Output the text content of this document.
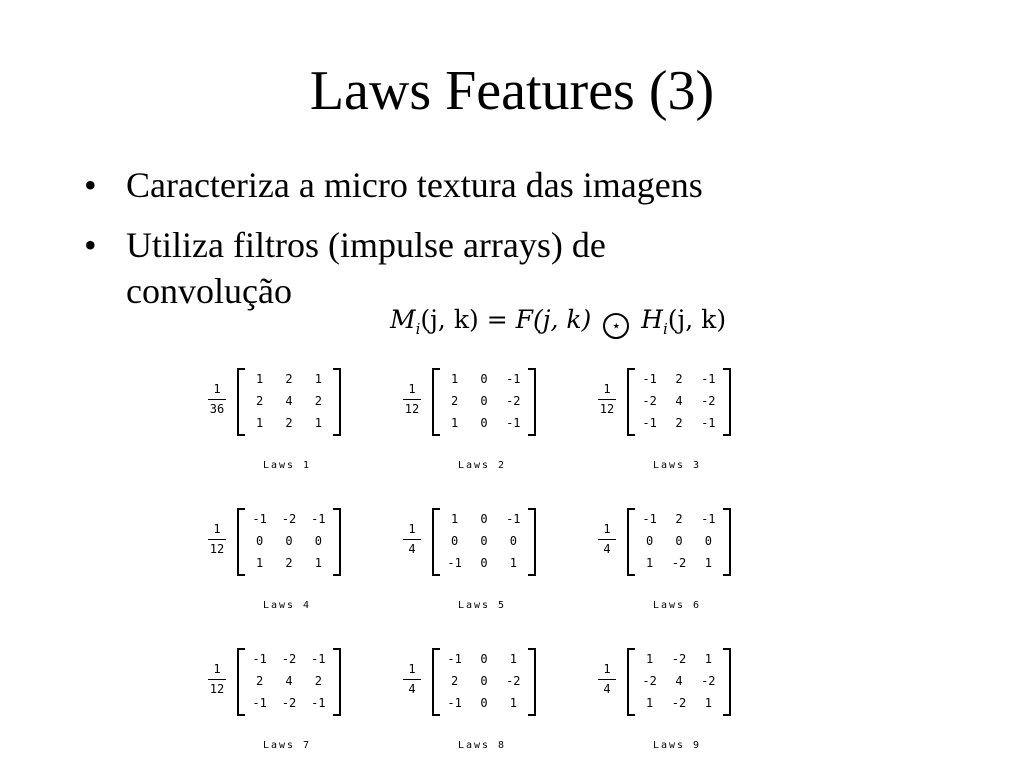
Laws Features (3)
• Caracteriza a micro textura das imagens
• Utiliza filtros (impulse arrays) de convolução
$M_i(j$, k) = F(j, k) ⋆ $H_i(j$, k)
1
36
1	2	1
2	4	2
1	2	1
Laws 1
1
12
1	0	-1
2	0	-2
1	0	-1
Laws 2
1
12
-1	2	-1
-2	4	-2
-1	2	-1
Laws 3
1
12
-1	-2	-1
0	0	0
1	2	1
Laws 4
1
4
1	0	-1
0	0	0
-1	0	1
Laws 5
1
4
-1	2	-1
0	0	0
1	-2	1
Laws 6
1
12
-1	-2	-1
2	4	2
-1	-2	-1
Laws 7
1
4
-1	0	1
2	0	-2
-1	0	1
Laws 8
1
4
1	-2	1
-2	4	-2
1	-2	1
Laws 9
